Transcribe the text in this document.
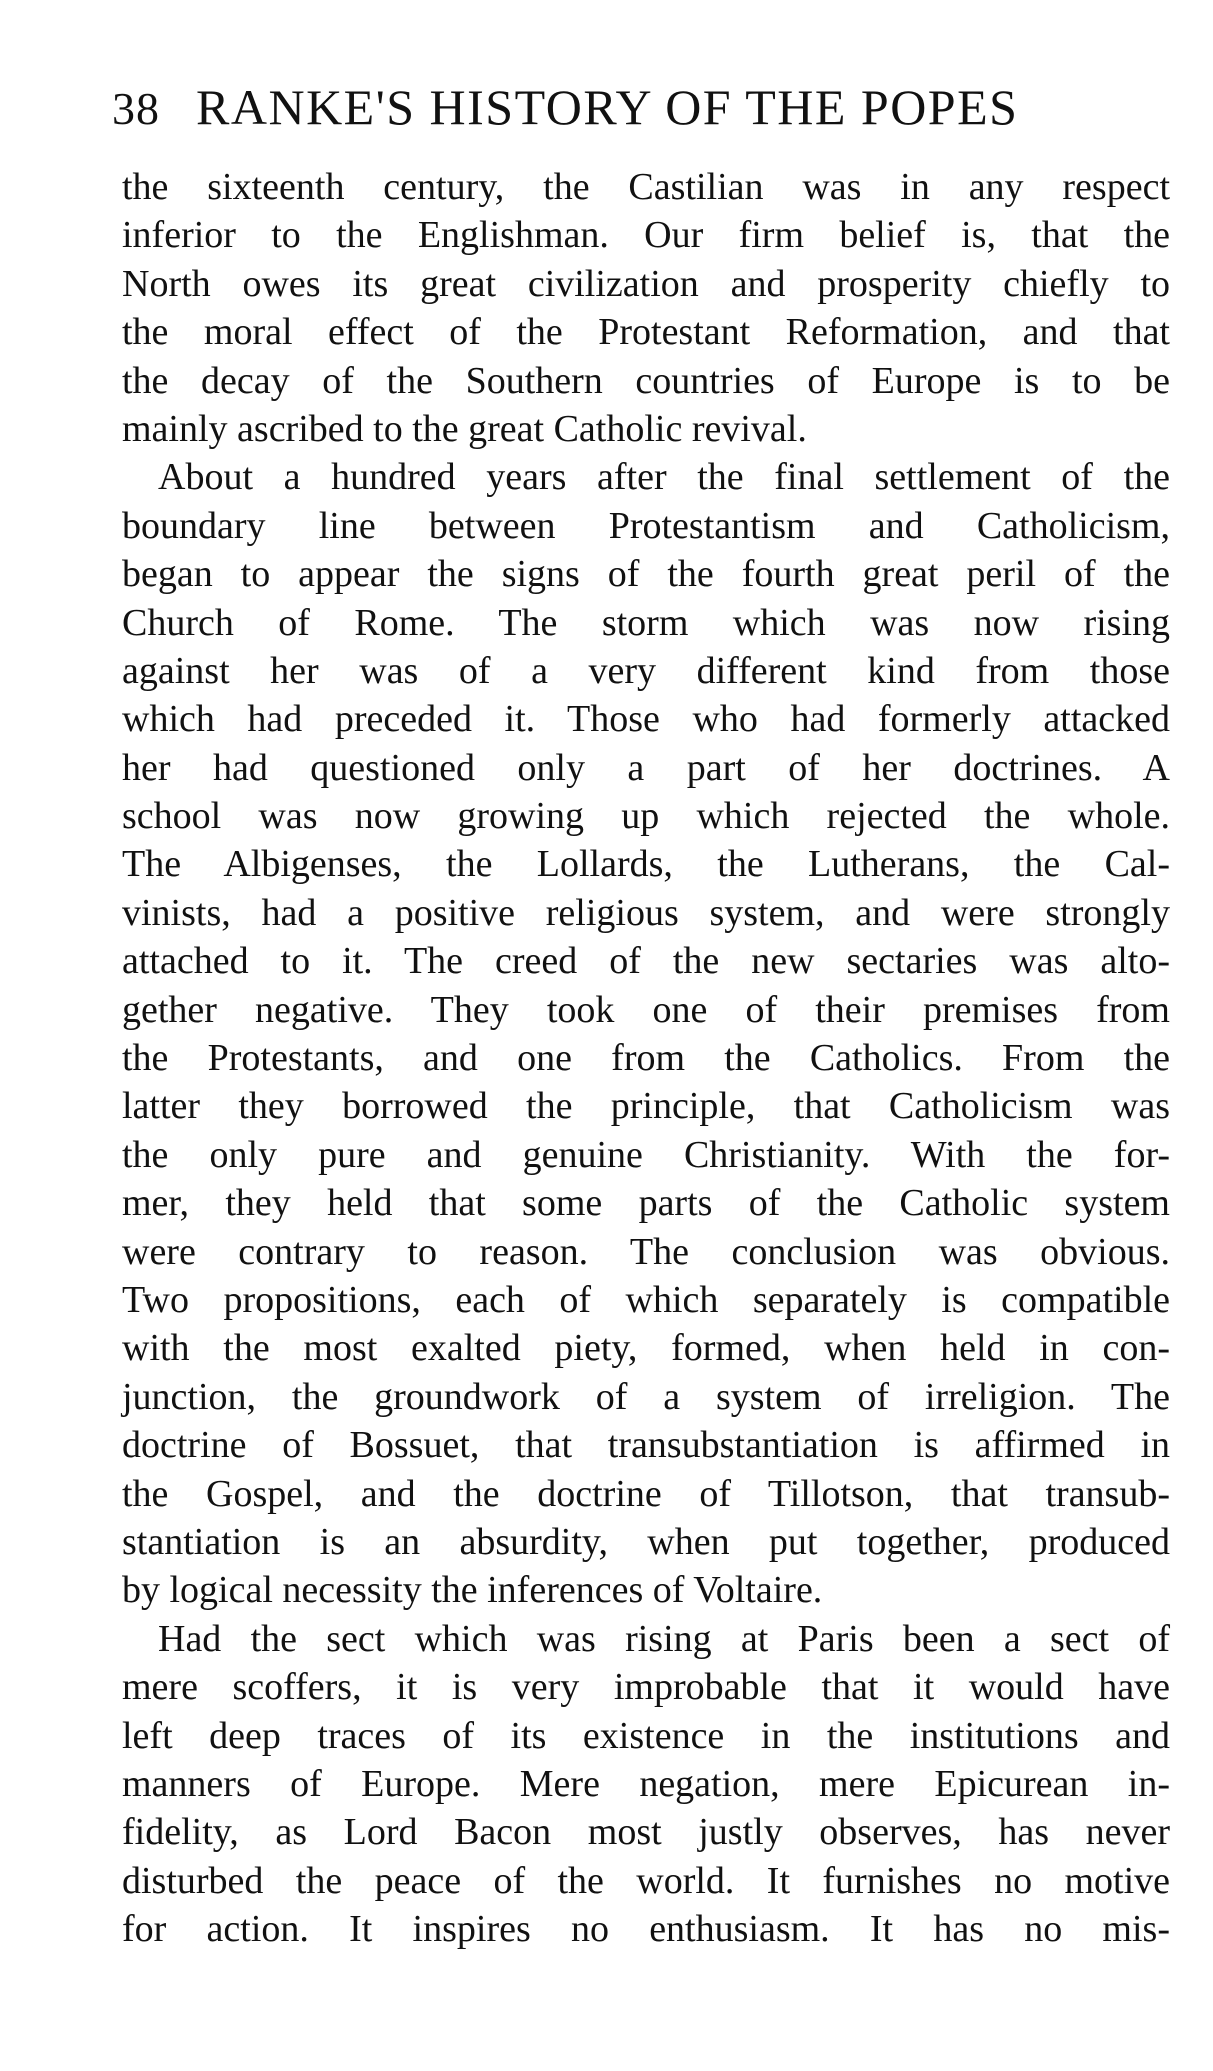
38 RANKE'S HISTORY OF THE POPES
the sixteenth century, the Castilian was in any respect
inferior to the Englishman. Our firm belief is, that the
North owes its great civilization and prosperity chiefly to
the moral effect of the Protestant Reformation, and that
the decay of the Southern countries of Europe is to be
mainly ascribed to the great Catholic revival.
About a hundred years after the final settlement of the
boundary line between Protestantism and Catholicism,
began to appear the signs of the fourth great peril of the
Church of Rome. The storm which was now rising
against her was of a very different kind from those
which had preceded it. Those who had formerly attacked
her had questioned only a part of her doctrines. A
school was now growing up which rejected the whole.
The Albigenses, the Lollards, the Lutherans, the Cal-
vinists, had a positive religious system, and were strongly
attached to it. The creed of the new sectaries was alto-
gether negative. They took one of their premises from
the Protestants, and one from the Catholics. From the
latter they borrowed the principle, that Catholicism was
the only pure and genuine Christianity. With the for-
mer, they held that some parts of the Catholic system
were contrary to reason. The conclusion was obvious.
Two propositions, each of which separately is compatible
with the most exalted piety, formed, when held in con-
junction, the groundwork of a system of irreligion. The
doctrine of Bossuet, that transubstantiation is affirmed in
the Gospel, and the doctrine of Tillotson, that transub-
stantiation is an absurdity, when put together, produced
by logical necessity the inferences of Voltaire.
Had the sect which was rising at Paris been a sect of
mere scoffers, it is very improbable that it would have
left deep traces of its existence in the institutions and
manners of Europe. Mere negation, mere Epicurean in-
fidelity, as Lord Bacon most justly observes, has never
disturbed the peace of the world. It furnishes no motive
for action. It inspires no enthusiasm. It has no mis-
